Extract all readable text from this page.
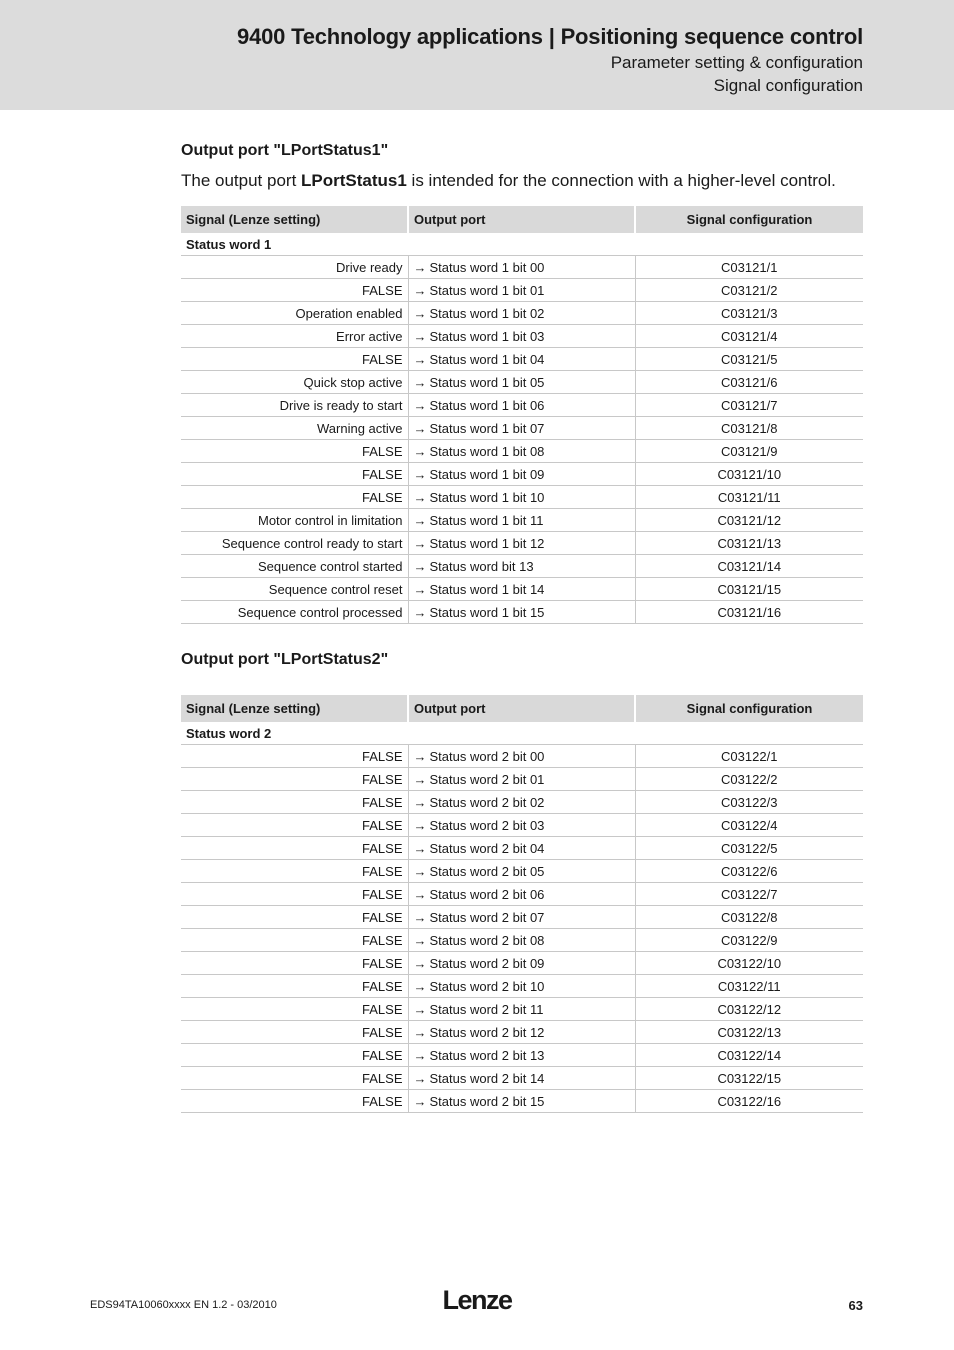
9400 Technology applications | Positioning sequence control
Parameter setting & configuration
Signal configuration
Output port "LPortStatus1"
The output port LPortStatus1 is intended for the connection with a higher-level control.
Signal (Lenze setting)	Output port	Signal configuration
Status word 1		
Drive ready	→ Status word 1 bit 00	C03121/1
FALSE	→ Status word 1 bit 01	C03121/2
Operation enabled	→ Status word 1 bit 02	C03121/3
Error active	→ Status word 1 bit 03	C03121/4
FALSE	→ Status word 1 bit 04	C03121/5
Quick stop active	→ Status word 1 bit 05	C03121/6
Drive is ready to start	→ Status word 1 bit 06	C03121/7
Warning active	→ Status word 1 bit 07	C03121/8
FALSE	→ Status word 1 bit 08	C03121/9
FALSE	→ Status word 1 bit 09	C03121/10
FALSE	→ Status word 1 bit 10	C03121/11
Motor control in limitation	→ Status word 1 bit 11	C03121/12
Sequence control ready to start	→ Status word 1 bit 12	C03121/13
Sequence control started	→ Status word bit 13	C03121/14
Sequence control reset	→ Status word 1 bit 14	C03121/15
Sequence control processed	→ Status word 1 bit 15	C03121/16
Output port "LPortStatus2"
Signal (Lenze setting)	Output port	Signal configuration
Status word 2		
FALSE	→ Status word 2 bit 00	C03122/1
FALSE	→ Status word 2 bit 01	C03122/2
FALSE	→ Status word 2 bit 02	C03122/3
FALSE	→ Status word 2 bit 03	C03122/4
FALSE	→ Status word 2 bit 04	C03122/5
FALSE	→ Status word 2 bit 05	C03122/6
FALSE	→ Status word 2 bit 06	C03122/7
FALSE	→ Status word 2 bit 07	C03122/8
FALSE	→ Status word 2 bit 08	C03122/9
FALSE	→ Status word 2 bit 09	C03122/10
FALSE	→ Status word 2 bit 10	C03122/11
FALSE	→ Status word 2 bit 11	C03122/12
FALSE	→ Status word 2 bit 12	C03122/13
FALSE	→ Status word 2 bit 13	C03122/14
FALSE	→ Status word 2 bit 14	C03122/15
FALSE	→ Status word 2 bit 15	C03122/16
EDS94TA10060xxxx EN 1.2 - 03/2010	Lenze	63
